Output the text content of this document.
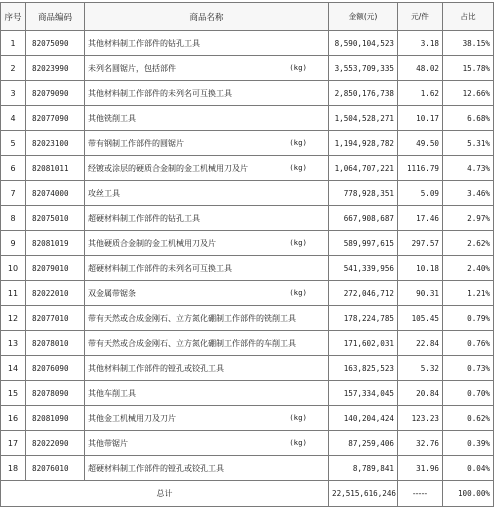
序号	商品编码	商品名称	金额(元)	元/件	占比
1	82075090	其他材料制工作部件的钻孔工具	8,590,104,523	3.18	38.15%
2	82023990	未列名圆锯片，包括部件 (kg)	3,553,709,335	48.02	15.78%
3	82079090	其他材料制工作部件的未列名可互换工具	2,850,176,738	1.62	12.66%
4	82077090	其他铣削工具	1,504,528,271	10.17	6.68%
5	82023100	带有钢制工作部件的圆锯片 (kg)	1,194,928,782	49.50	5.31%
6	82081011	经镀或涂层的硬质合金制的金工机械用刀及片 (kg)	1,064,707,221	1116.79	4.73%
7	82074000	攻丝工具	778,928,351	5.09	3.46%
8	82075010	超硬材料制工作部件的钻孔工具	667,908,687	17.46	2.97%
9	82081019	其他硬质合金制的金工机械用刀及片 (kg)	589,997,615	297.57	2.62%
10	82079010	超硬材料制工作部件的未列名可互换工具	541,339,956	10.18	2.40%
11	82022010	双金属带锯条 (kg)	272,046,712	90.31	1.21%
12	82077010	带有天然或合成金刚石、立方氮化硼制工作部件的铣削工具	178,224,785	105.45	0.79%
13	82078010	带有天然或合成金刚石、立方氮化硼制工作部件的车削工具	171,602,031	22.84	0.76%
14	82076090	其他材料制工作部件的镗孔或铰孔工具	163,825,523	5.32	0.73%
15	82078090	其他车削工具	157,334,045	20.84	0.70%
16	82081090	其他金工机械用刀及刀片 (kg)	140,204,424	123.23	0.62%
17	82022090	其他带锯片 (kg)	87,259,406	32.76	0.39%
18	82076010	超硬材料制工作部件的镗孔或铰孔工具	8,789,841	31.96	0.04%
总计			22,515,616,246	-----	100.00%
